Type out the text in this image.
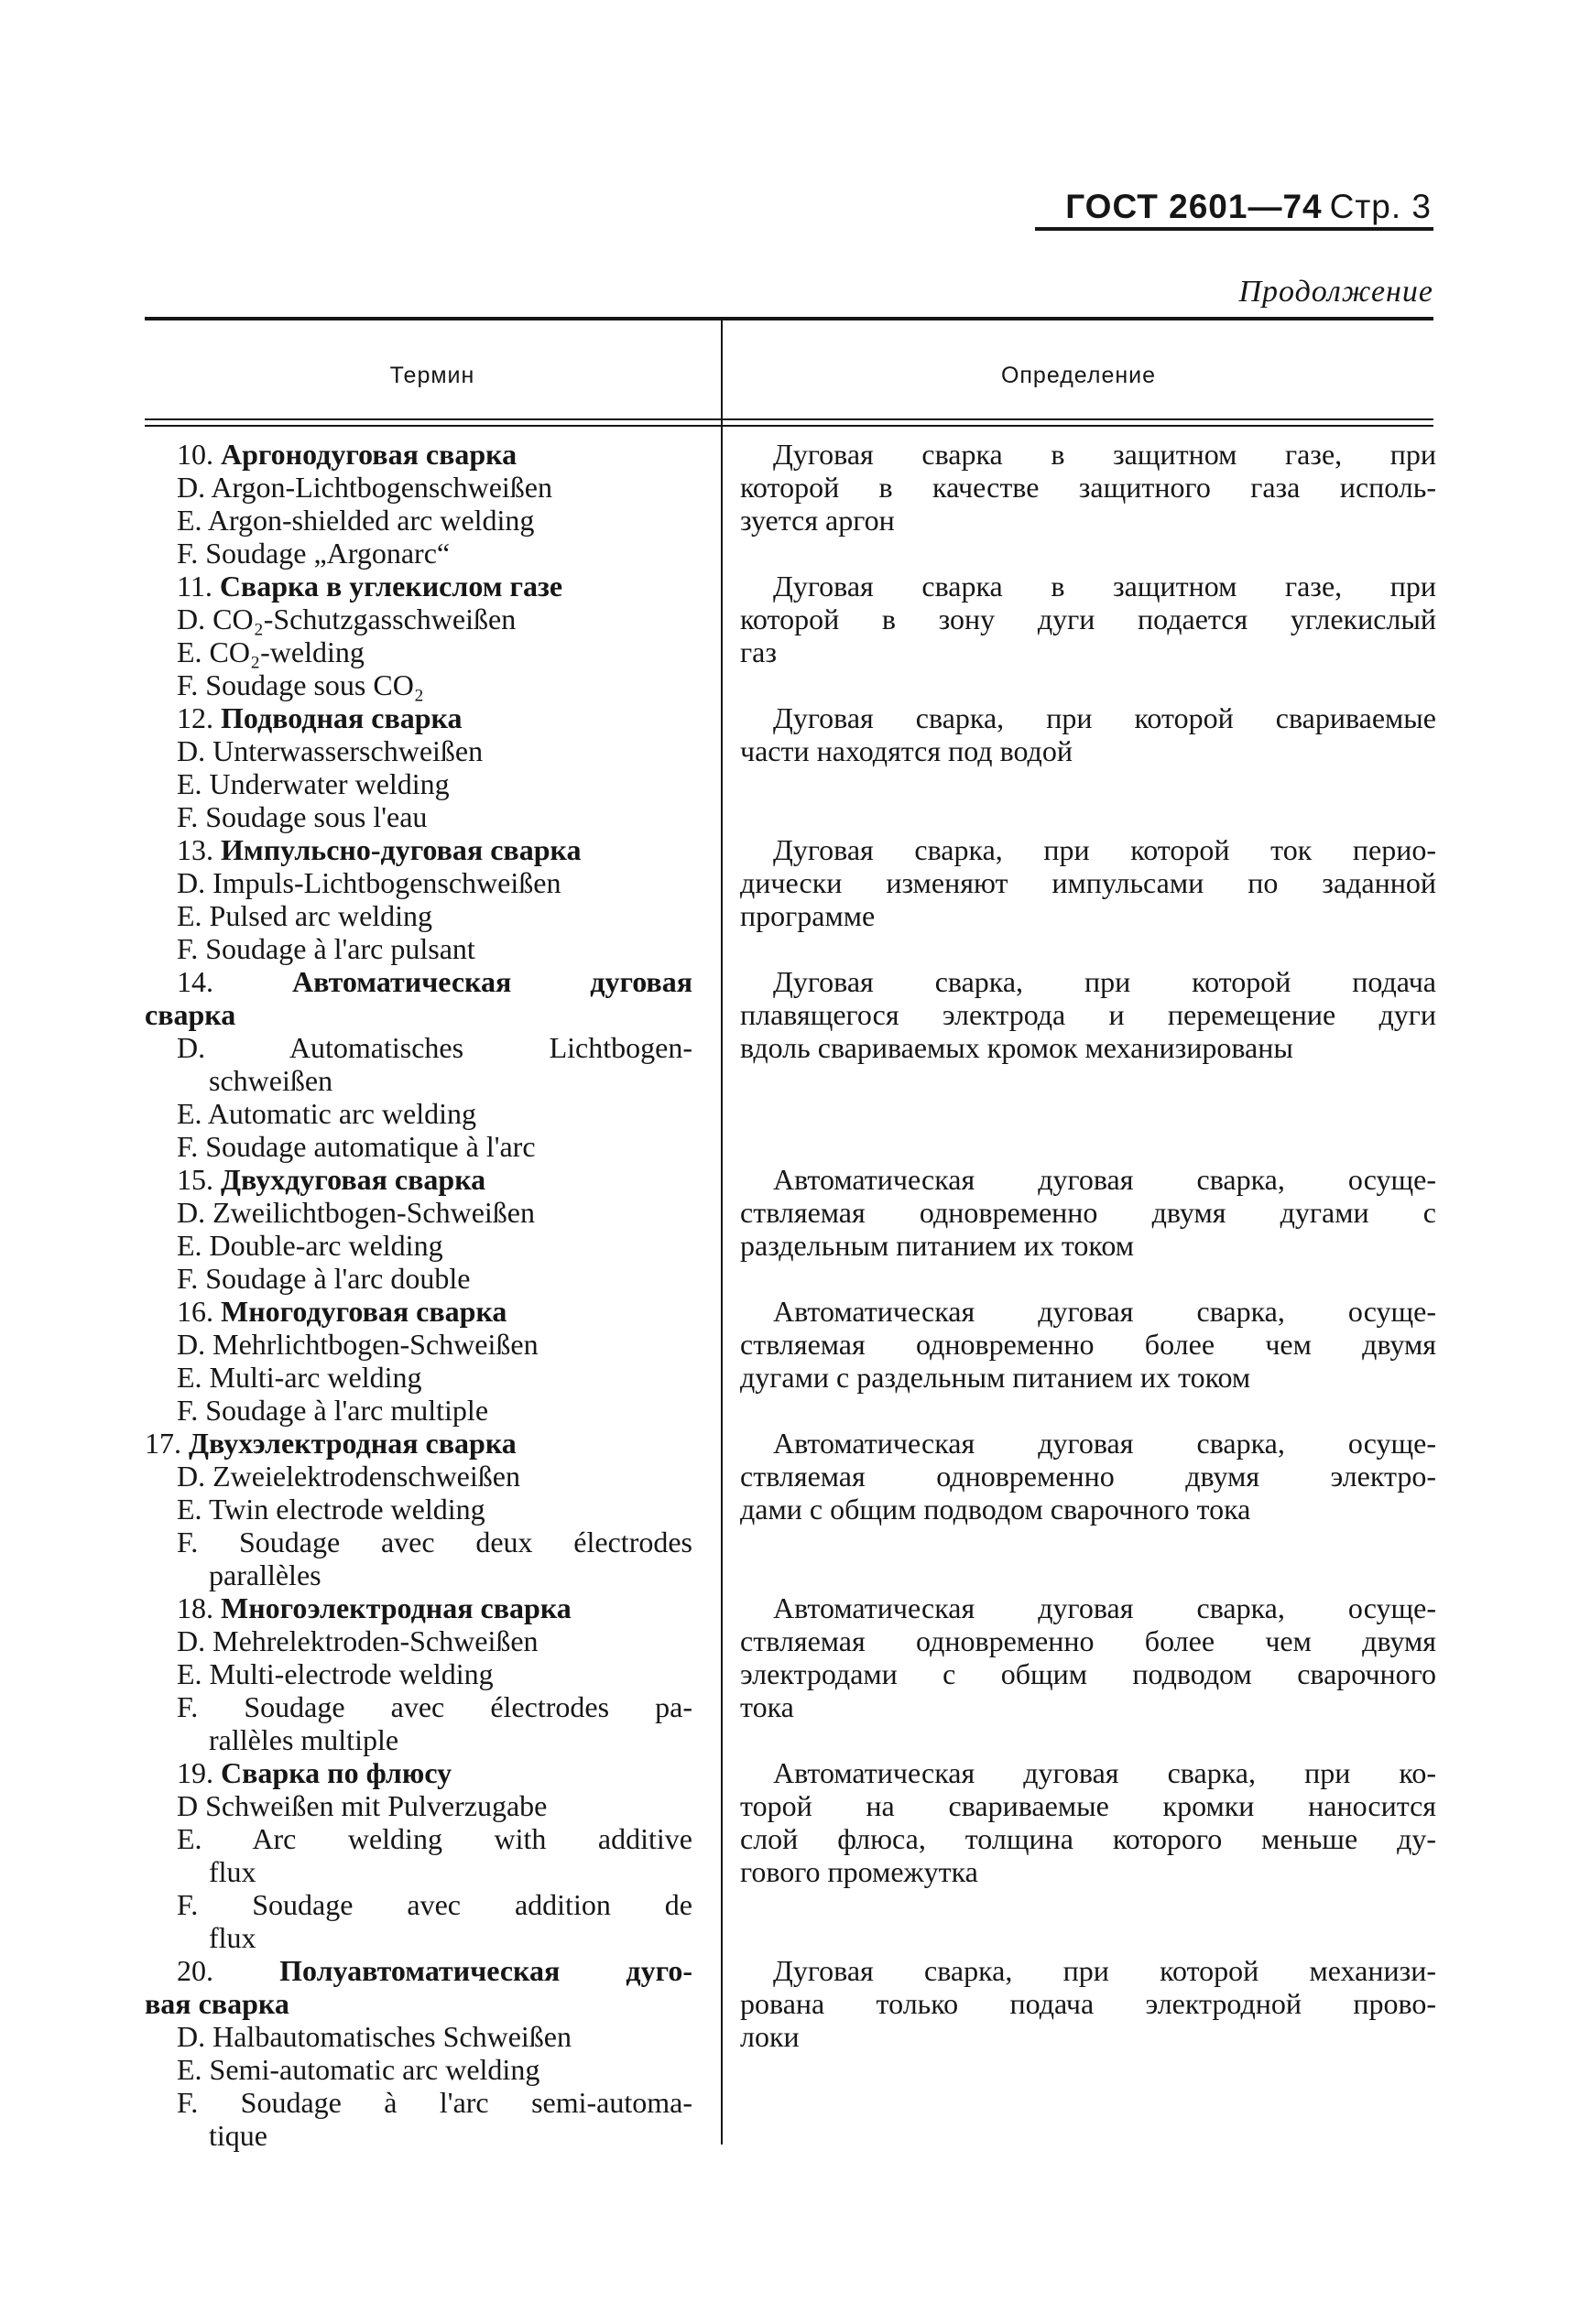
ГОСТ 2601—74 Стр. 3
Продолжение
Термин	Определение
10. Аргонодуговая сварка
D. Argon-Lichtbogenschweißen
E. Argon-shielded arc welding
F. Soudage „Argonarc“
11. Сварка в углекислом газе
D. CO₂-Schutzgasschweißen
E. CO₂-welding
F. Soudage sous CO₂
12. Подводная сварка
D. Unterwasserschweißen
E. Underwater welding
F. Soudage sous l'eau
13. Импульсно-дуговая сварка
D. Impuls-Lichtbogenschweißen
E. Pulsed arc welding
F. Soudage à l'arc pulsant
14. Автоматическая дуговая
сварка
D. Automatisches Lichtbogen-
schweißen
E. Automatic arc welding
F. Soudage automatique à l'arc
15. Двухдуговая сварка
D. Zweilichtbogen-Schweißen
E. Double-arc welding
F. Soudage à l'arc double
16. Многодуговая сварка
D. Mehrlichtbogen-Schweißen
E. Multi-arc welding
F. Soudage à l'arc multiple
17. Двухэлектродная сварка
D. Zweielektrodenschweißen
E. Twin electrode welding
F. Soudage avec deux électrodes
parallèles
18. Многоэлектродная сварка
D. Mehrelektroden-Schweißen
E. Multi-electrode welding
F. Soudage avec électrodes pa-
rallèles multiple
19. Сварка по флюсу
D Schweißen mit Pulverzugabe
E. Arc welding with additive
flux
F. Soudage avec addition de
flux
20. Полуавтоматическая дуго-
вая сварка
D. Halbautomatisches Schweißen
E. Semi-automatic arc welding
F. Soudage à l'arc semi-automa-
tique
Дуговая сварка в защитном газе, при
которой в качестве защитного газа исполь-
зуется аргон
Дуговая сварка в защитном газе, при
которой в зону дуги подается углекислый
газ
Дуговая сварка, при которой свариваемые
части находятся под водой
Дуговая сварка, при которой ток перио-
дически изменяют импульсами по заданной
программе
Дуговая сварка, при которой подача
плавящегося электрода и перемещение дуги
вдоль свариваемых кромок механизированы
Автоматическая дуговая сварка, осуще-
ствляемая одновременно двумя дугами с
раздельным питанием их током
Автоматическая дуговая сварка, осуще-
ствляемая одновременно более чем двумя
дугами с раздельным питанием их током
Автоматическая дуговая сварка, осуще-
ствляемая одновременно двумя электро-
дами с общим подводом сварочного тока
Автоматическая дуговая сварка, осуще-
ствляемая одновременно более чем двумя
электродами с общим подводом сварочного
тока
Автоматическая дуговая сварка, при ко-
торой на свариваемые кромки наносится
слой флюса, толщина которого меньше ду-
гового промежутка
Дуговая сварка, при которой механизи-
рована только подача электродной прово-
локи
